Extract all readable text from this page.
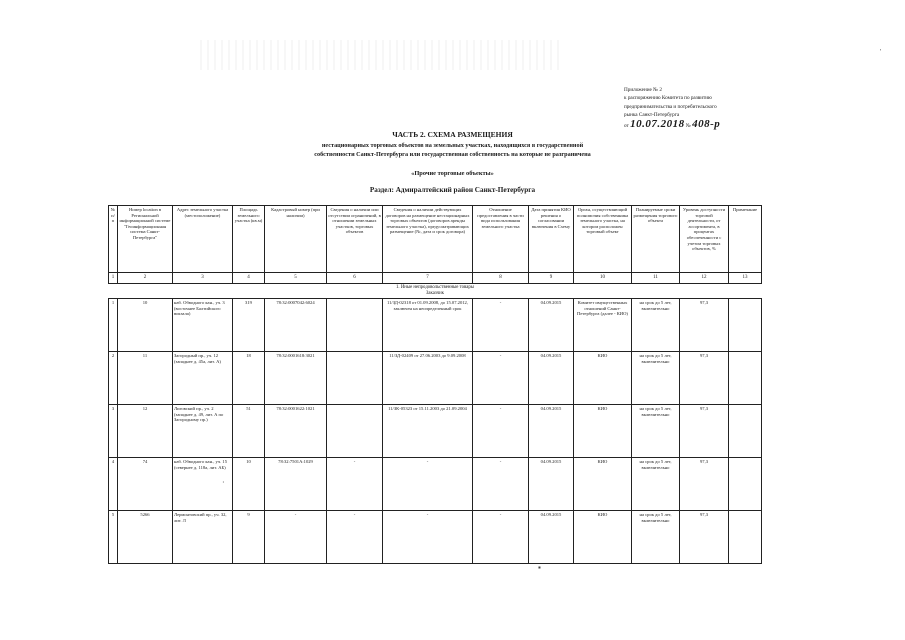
'
Приложение № 2
к распоряжению Комитета по развитию
предпринимательства и потребительского
рынка Санкт-Петербурга
от 10.07.2018 № 408-р
ЧАСТЬ 2. СХЕМА РАЗМЕЩЕНИЯ
нестационарных торговых объектов на земельных участках, находящихся в государственной
собственности Санкт-Петербурга или государственная собственность на которые не разграничена
«Прочие торговые объекты»
Раздел: Адмиралтейский район Санкт-Петербурга
№ п/п	Номер location в Региональной информационной системе "Геоинформационная система Санкт-Петербурга"	Адрес земельного участка (местоположение)	Площадь земельного участка (кв.м)	Кадастровый номер (при наличии)	Сведения о наличии или отсутствии ограничений, в отношении земельных участков, торговых объектов	Сведения о наличии действующих договоров на размещение нестационарных торговых объектов (договоров аренды земельного участка), предусматривающих размещение (№, дата и срок договора)	Отношение предоставления в части вида использования земельного участка	Дата принятия КИО решения о согласовании включения в Схему	Орган, осуществляющий полномочия собственника земельного участка, на котором расположен торговый объект	Планируемые сроки размещения торгового объекта	Уровень доступности торговой деятельности, от ассортимента, в процентах обеспеченности с учетом торговых объектов, %	Примечание
1	2	3	4	5	6	7	8	9	10	11	12	13

1. Иные непродовольственные товары
Заказчик												

1	10	наб. Обводного кан., уч. 3 (восточнее Балтийского вокзала)	319	78:32:0007042:6024		11/ЗД-02318 от 01.09.2008, до 15.07.2012, заключен на неопределенный срок	-	04.09.2015	Комитет имущественных отношений Санкт-Петербурга (далее - КИО)	на срок до 5 лет, включительно	97,3	
2	11	Загородный пр., уч. 12 (западнее д. 45а, лит. А)	18	78:32:0001618:3021		11/ЗД-02409 от 27.06.2003 до 9.09.2008	-	04.09.2015	КИО	на срок до 5 лет, включительно	97,3	
3	12	Лиговский пр., уч. 2 (западнее д. 49, лит. А по Загородному пр.)	51	78:32:0001622:1021		11/ЗК-05323 от 15.11.2003 до 21.09.2004	-	04.09.2015	КИО	на срок до 5 лет, включительно	97,3	
4	74	наб. Обводного кан., уч. 15 (севернее д. 118а, лит. АБ)	10	78:32:7501A:1029	-	-	-	04.09.2015	КИО	на срок до 5 лет, включительно	97,3	
5	5266	Лермонтовский пр., уч. 32, лит. Л	9	-	-	-	-	04.09.2015	КИО	на срок до 5 лет, включительно	97,3	
·
▪
